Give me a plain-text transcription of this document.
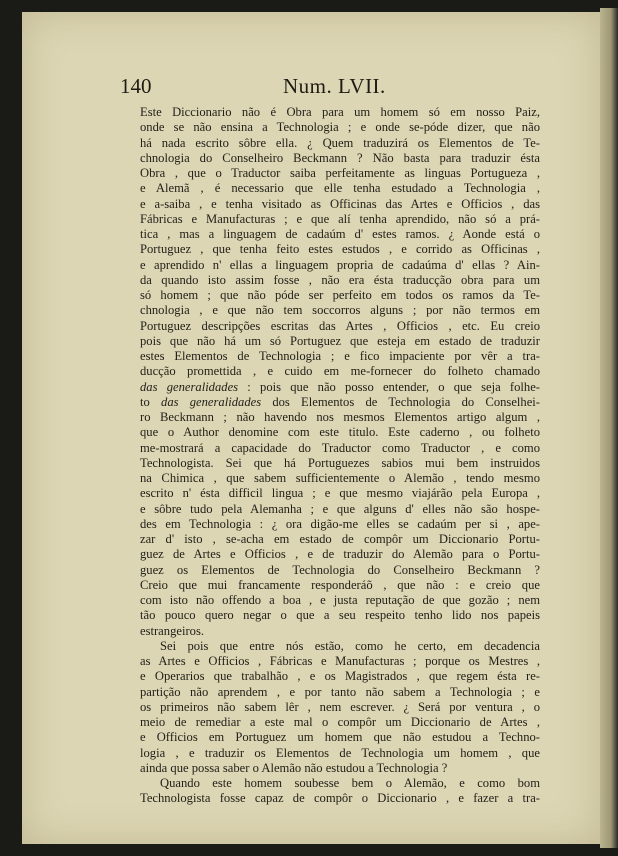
140	Num. LVII.
Este Diccionario não é Obra para um homem só em nosso Paiz,
onde se não ensina a Technologia ; e onde se-póde dizer, que não
há nada escrito sôbre ella. ¿ Quem traduzirá os Elementos de Te-
chnologia do Conselheiro Beckmann ? Não basta para traduzir ésta
Obra , que o Traductor saiba perfeitamente as linguas Portugueza ,
e Alemã , é necessario que elle tenha estudado a Technologia ,
e a-saiba , e tenha visitado as Officinas das Artes e Officios , das
Fábricas e Manufacturas ; e que alí tenha aprendido, não só a prá-
tica , mas a linguagem de cadaúm d' estes ramos. ¿ Aonde está o
Portuguez , que tenha feito estes estudos , e corrido as Officinas ,
e aprendido n' ellas a linguagem propria de cadaúma d' ellas ? Ain-
da quando isto assim fosse , não era ésta traducção obra para um
só homem ; que não póde ser perfeito em todos os ramos da Te-
chnologia , e que não tem soccorros alguns ; por não termos em
Portuguez descripções escritas das Artes , Officios , etc. Eu creio
pois que não há um só Portuguez que esteja em estado de traduzir
estes Elementos de Technologia ; e fico impaciente por vêr a tra-
ducção promettida , e cuido em me-fornecer do folheto chamado
das generalidades : pois que não posso entender, o que seja folhe-
to das generalidades dos Elementos de Technologia do Conselhei-
ro Beckmann ; não havendo nos mesmos Elementos artigo algum ,
que o Author denomine com este titulo. Este caderno , ou folheto
me-mostrará a capacidade do Traductor como Traductor , e como
Technologista. Sei que há Portuguezes sabios mui bem instruidos
na Chimica , que sabem sufficientemente o Alemão , tendo mesmo
escrito n' ésta difficil lingua ; e que mesmo viajárão pela Europa ,
e sôbre tudo pela Alemanha ; e que alguns d' elles não são hospe-
des em Technologia : ¿ ora digão-me elles se cadaúm per si , ape-
zar d' isto , se-acha em estado de compôr um Diccionario Portu-
guez de Artes e Officios , e de traduzir do Alemão para o Portu-
guez os Elementos de Technologia do Conselheiro Beckmann ?
Creio que mui francamente responderáõ , que não : e creio que
com isto não offendo a boa , e justa reputação de que gozão ; nem
tão pouco quero negar o que a seu respeito tenho lido nos papeis
estrangeiros.
Sei pois que entre nós estão, como he certo, em decadencia
as Artes e Officios , Fábricas e Manufacturas ; porque os Mestres ,
e Operarios que trabalhão , e os Magistrados , que regem ésta re-
partição não aprendem , e por tanto não sabem a Technologia ; e
os primeiros não sabem lêr , nem escrever. ¿ Será por ventura , o
meio de remediar a este mal o compôr um Diccionario de Artes ,
e Officios em Portuguez um homem que não estudou a Techno-
logia , e traduzir os Elementos de Technologia um homem , que
ainda que possa saber o Alemão não estudou a Technologia ?
Quando este homem soubesse bem o Alemão, e como bom
Technologista fosse capaz de compôr o Diccionario , e fazer a tra-
